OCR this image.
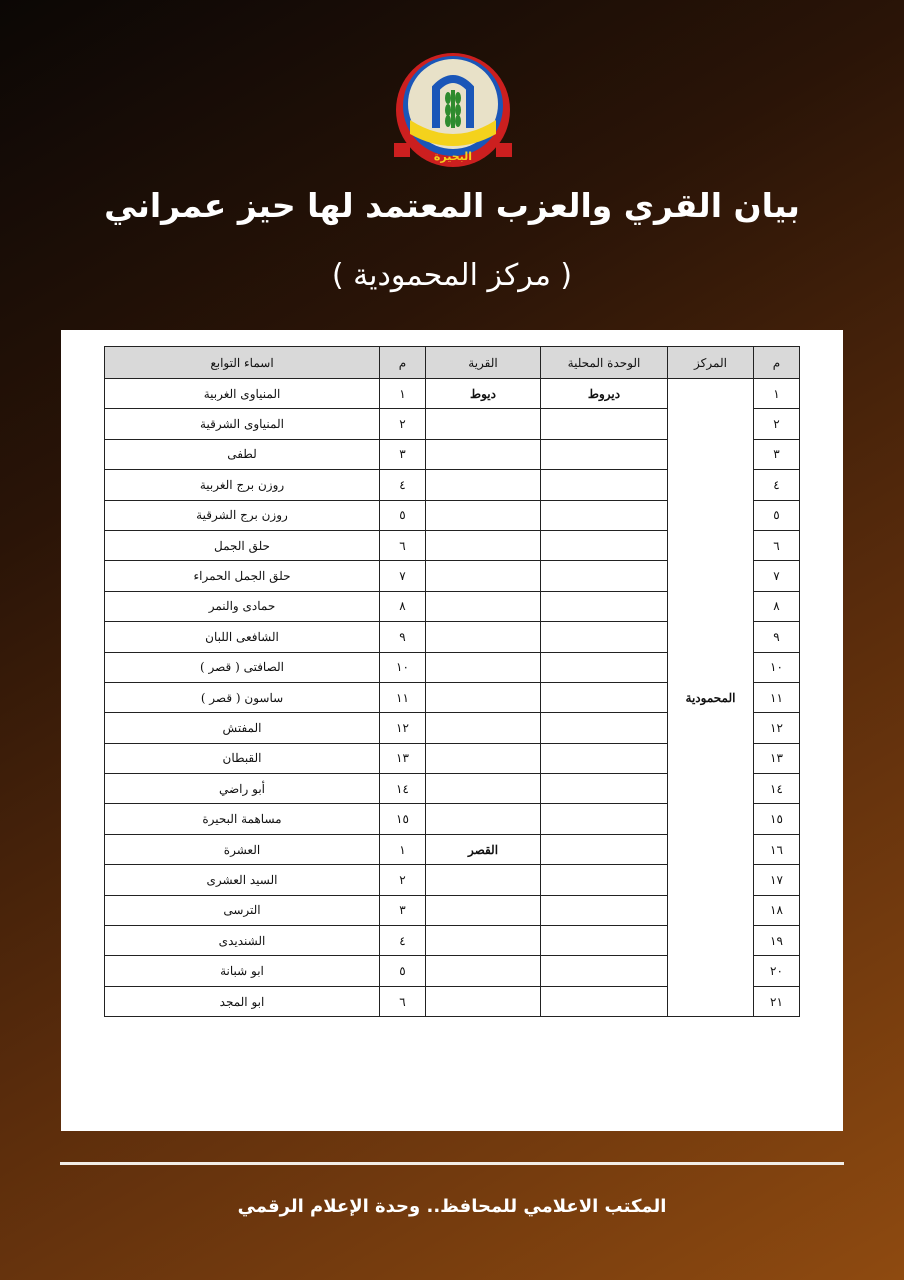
البحيرة
بيان القري والعزب المعتمد لها حيز عمراني
( مركز المحمودية )
م	المركز	الوحدة المحلية	القرية	م	اسماء التوابع
١	المحمودية	ديروط	ديوط	١	المنياوى الغربية
٢				٢	المنياوى الشرقية
٣				٣	لطفى
٤				٤	روزن برج الغربية
٥				٥	روزن برج الشرقية
٦				٦	حلق الجمل
٧				٧	حلق الجمل الحمراء
٨				٨	حمادى والنمر
٩				٩	الشافعى اللبان
١٠				١٠	الصافتى ( قصر )
١١				١١	ساسون ( قصر )
١٢				١٢	المفتش
١٣				١٣	القبطان
١٤				١٤	أبو راضي
١٥				١٥	مساهمة البحيرة
١٦			القصر	١	العشرة
١٧				٢	السيد العشرى
١٨				٣	الترسى
١٩				٤	الشنديدى
٢٠				٥	ابو شبانة
٢١				٦	ابو المجد
المكتب الاعلامي للمحافظ.. وحدة الإعلام الرقمي
